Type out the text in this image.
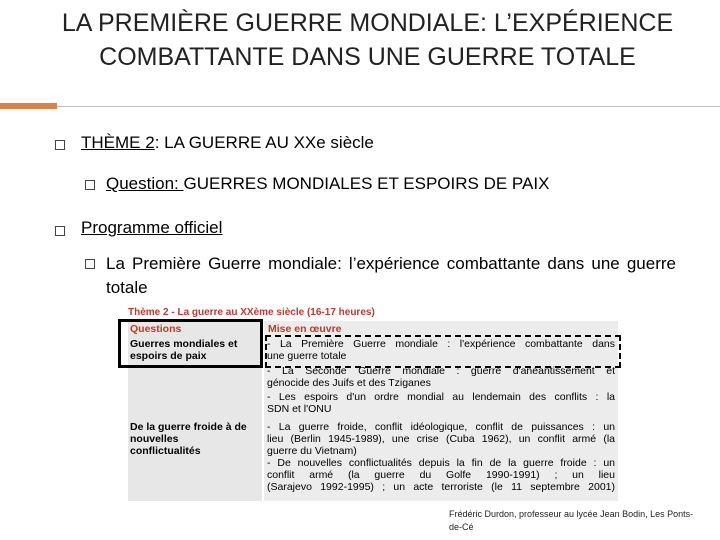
LA PREMIÈRE GUERRE MONDIALE: L’EXPÉRIENCE COMBATTANTE DANS UNE GUERRE TOTALE
THÈME 2: LA GUERRE AU XXe siècle
Question: GUERRES MONDIALES ET ESPOIRS DE PAIX
Programme officiel
La Première Guerre mondiale: l’expérience combattante dans une guerre totale
Thème 2 - La guerre au XXème siècle (16-17 heures)
Questions
Guerres mondiales et
espoirs de paix
De la guerre froide à de
nouvelles
conflictualités
Mise en œuvre
- La Première Guerre mondiale : l'expérience combattante dans
une guerre totale
- La Seconde Guerre mondiale : guerre d'anéantissement et
génocide des Juifs et des Tziganes
- Les espoirs d'un ordre mondial au lendemain des conflits : la
SDN et l'ONU
- La guerre froide, conflit idéologique, conflit de puissances : un
lieu (Berlin 1945-1989), une crise (Cuba 1962), un conflit armé (la
guerre du Vietnam)
- De nouvelles conflictualités depuis la fin de la guerre froide : un
conflit armé (la guerre du Golfe 1990-1991) ; un lieu
(Sarajevo 1992-1995) ; un acte terroriste (le 11 septembre 2001)
Frédéric Durdon, professeur au lycée Jean Bodin, Les Ponts-de-Cé
